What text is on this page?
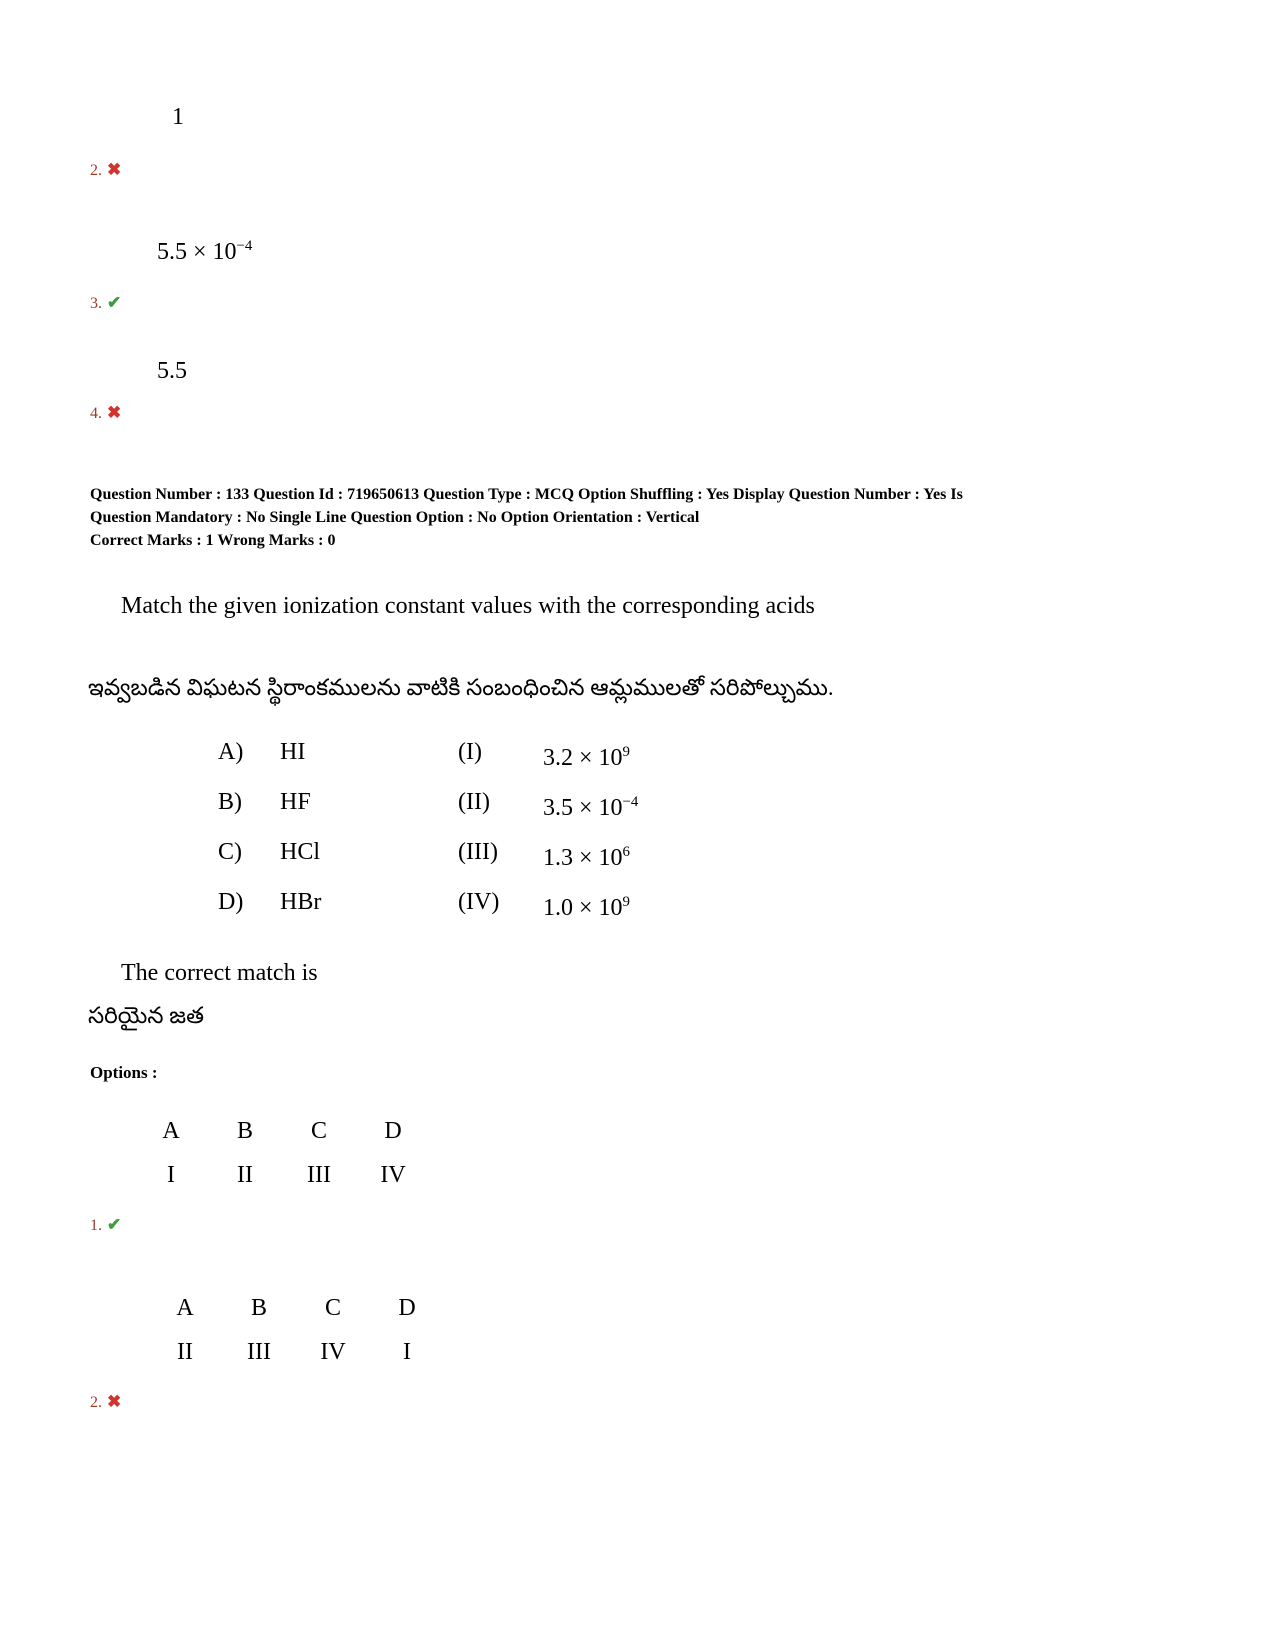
1
2. ✖
$5.5 \times 10^{-4}$
3. ✔
5.5
4. ✖
Question Number : 133 Question Id : 719650613 Question Type : MCQ Option Shuffling : Yes Display Question Number : Yes Is
Question Mandatory : No Single Line Question Option : No Option Orientation : Vertical
Correct Marks : 1 Wrong Marks : 0
Match the given ionization constant values with the corresponding acids
ఇవ్వబడిన విఘటన స్థిరాంకములను వాటికి సంబంధించిన ఆమ్లములతో సరిపోల్చుము.
A)	HI	(I)	$3.2 \times 10^9$
B)	HF	(II)	$3.5 \times 10^{-4}$
C)	HCl	(III)	$1.3 \times 10^6$
D)	HBr	(IV)	$1.0 \times 10^9$
The correct match is
సరియైన జత
Options :
A	B	C	D
I	II	III	IV
1. ✔
A	B	C	D
II	III	IV	I
2. ✖
